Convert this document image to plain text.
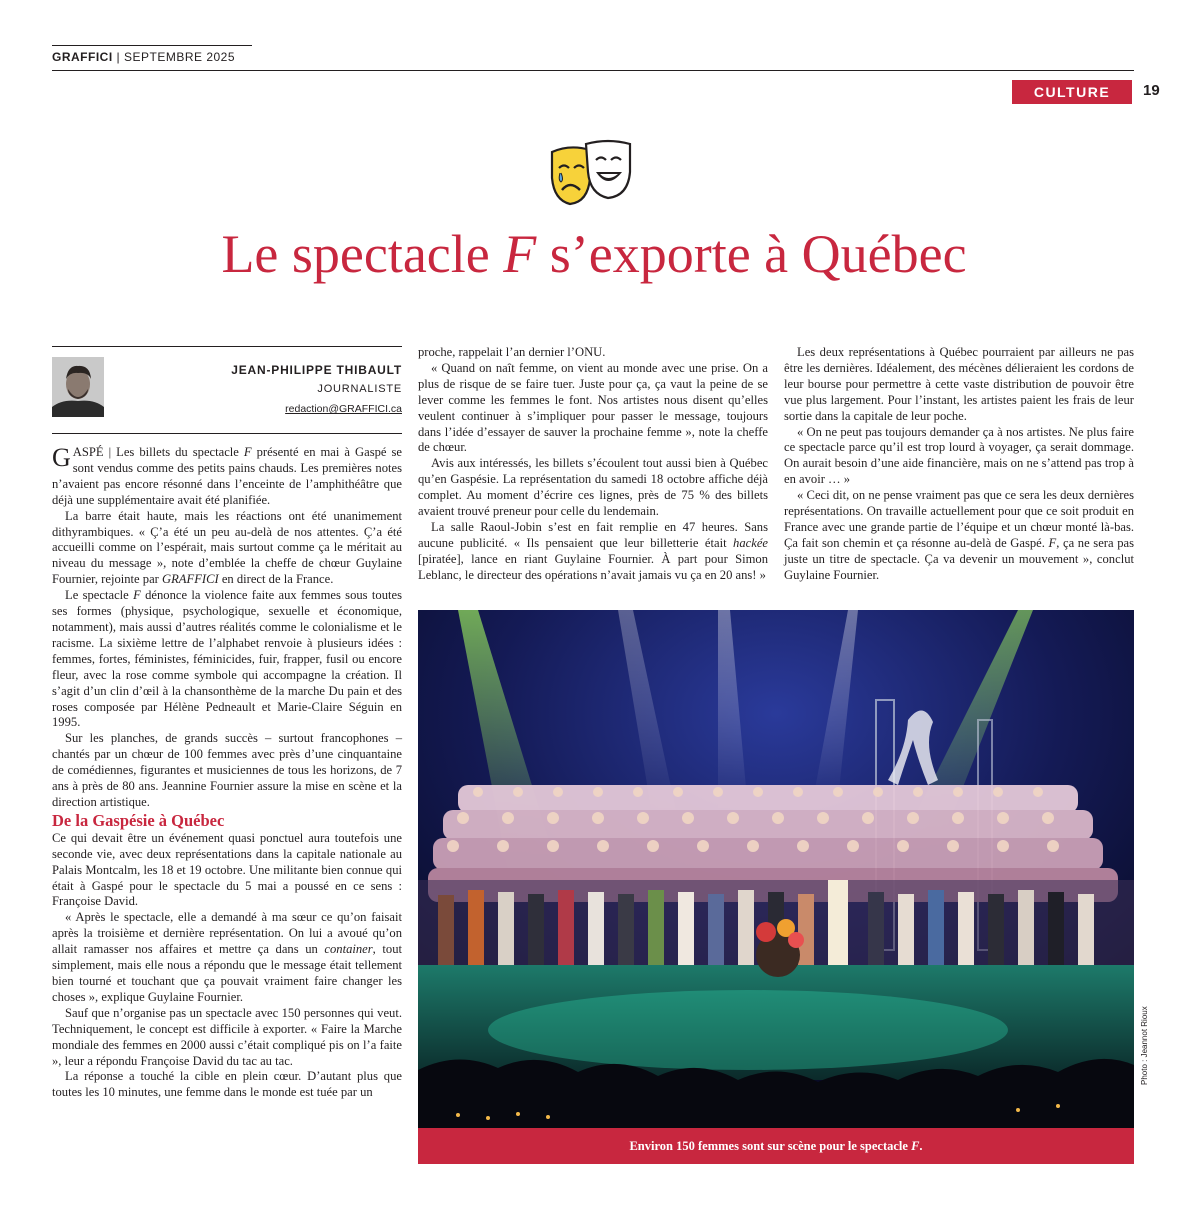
GRAFFICI | SEPTEMBRE 2025
CULTURE	19
Le spectacle F s’exporte à Québec
JEAN-PHILIPPE THIBAULT
JOURNALISTE
redaction@GRAFFICI.ca

GASPÉ | Les billets du spectacle F présenté en mai à Gaspé se sont vendus comme des petits pains chauds. Les premières notes n’avaient pas encore résonné dans l’enceinte de l’amphithéâtre que déjà une supplémentaire avait été planifiée.

La barre était haute, mais les réactions ont été unanimement dithyrambiques. « Ç’a été un peu au-delà de nos attentes. Ç’a été accueilli comme on l’espérait, mais surtout comme ça le méritait au niveau du message », note d’emblée la cheffe de chœur Guylaine Fournier, rejointe par GRAFFICI en direct de la France.

Le spectacle F dénonce la violence faite aux femmes sous toutes ses formes (physique, psychologique, sexuelle et économique, notamment), mais aussi d’autres réalités comme le colonialisme et le racisme. La sixième lettre de l’alphabet renvoie à plusieurs idées : femmes, fortes, féministes, féminicides, fuir, frapper, fusil ou encore fleur, avec la rose comme symbole qui accompagne la création. Il s’agit d’un clin d’œil à la chansonthème de la marche Du pain et des roses composée par Hélène Pedneault et Marie-Claire Séguin en 1995.

Sur les planches, de grands succès – surtout francophones – chantés par un chœur de 100 femmes avec près d’une cinquantaine de comédiennes, figurantes et musiciennes de tous les horizons, de 7 ans à près de 80 ans. Jeannine Fournier assure la mise en scène et la direction artistique.

De la Gaspésie à Québec

Ce qui devait être un événement quasi ponctuel aura toutefois une seconde vie, avec deux représentations dans la capitale nationale au Palais Montcalm, les 18 et 19 octobre. Une militante bien connue qui était à Gaspé pour le spectacle du 5 mai a poussé en ce sens : Françoise David.

« Après le spectacle, elle a demandé à ma sœur ce qu’on faisait après la troisième et dernière représentation. On lui a avoué qu’on allait ramasser nos affaires et mettre ça dans un container, tout simplement, mais elle nous a répondu que le message était tellement bien tourné et touchant que ça pouvait vraiment faire changer les choses », explique Guylaine Fournier.

Sauf que n’organise pas un spectacle avec 150 personnes qui veut. Techniquement, le concept est difficile à exporter. « Faire la Marche mondiale des femmes en 2000 aussi c’était compliqué pis on l’a faite », leur a répondu Françoise David du tac au tac.

La réponse a touché la cible en plein cœur. D’autant plus que toutes les 10 minutes, une femme dans le monde est tuée par un

proche, rappelait l’an dernier l’ONU.

« Quand on naît femme, on vient au monde avec une prise. On a plus de risque de se faire tuer. Juste pour ça, ça vaut la peine de se lever comme les femmes le font. Nos artistes nous disent qu’elles veulent continuer à s’impliquer pour passer le message, toujours dans l’idée d’essayer de sauver la prochaine femme », note la cheffe de chœur.

Avis aux intéressés, les billets s’écoulent tout aussi bien à Québec qu’en Gaspésie. La représentation du samedi 18 octobre affiche déjà complet. Au moment d’écrire ces lignes, près de 75 % des billets avaient trouvé preneur pour celle du lendemain.

La salle Raoul-Jobin s’est en fait remplie en 47 heures. Sans aucune publicité. « Ils pensaient que leur billetterie était hackée [piratée], lance en riant Guylaine Fournier. À part pour Simon Leblanc, le directeur des opérations n’avait jamais vu ça en 20 ans! »

Les deux représentations à Québec pourraient par ailleurs ne pas être les dernières. Idéalement, des mécènes délieraient les cordons de leur bourse pour permettre à cette vaste distribution de pouvoir être vue plus largement. Pour l’instant, les artistes paient les frais de leur sortie dans la capitale de leur poche.

« On ne peut pas toujours demander ça à nos artistes. Ne plus faire ce spectacle parce qu’il est trop lourd à voyager, ça serait dommage. On aurait besoin d’une aide financière, mais on ne s’attend pas trop à en avoir … »

« Ceci dit, on ne pense vraiment pas que ce sera les deux dernières représentations. On travaille actuellement pour que ce soit produit en France avec une grande partie de l’équipe et un chœur monté là-bas. Ça fait son chemin et ça résonne au-delà de Gaspé. F, ça ne sera pas juste un titre de spectacle. Ça va devenir un mouvement », conclut Guylaine Fournier.

Environ 150 femmes sont sur scène pour le spectacle F.
Photo : Jeannot Rioux
